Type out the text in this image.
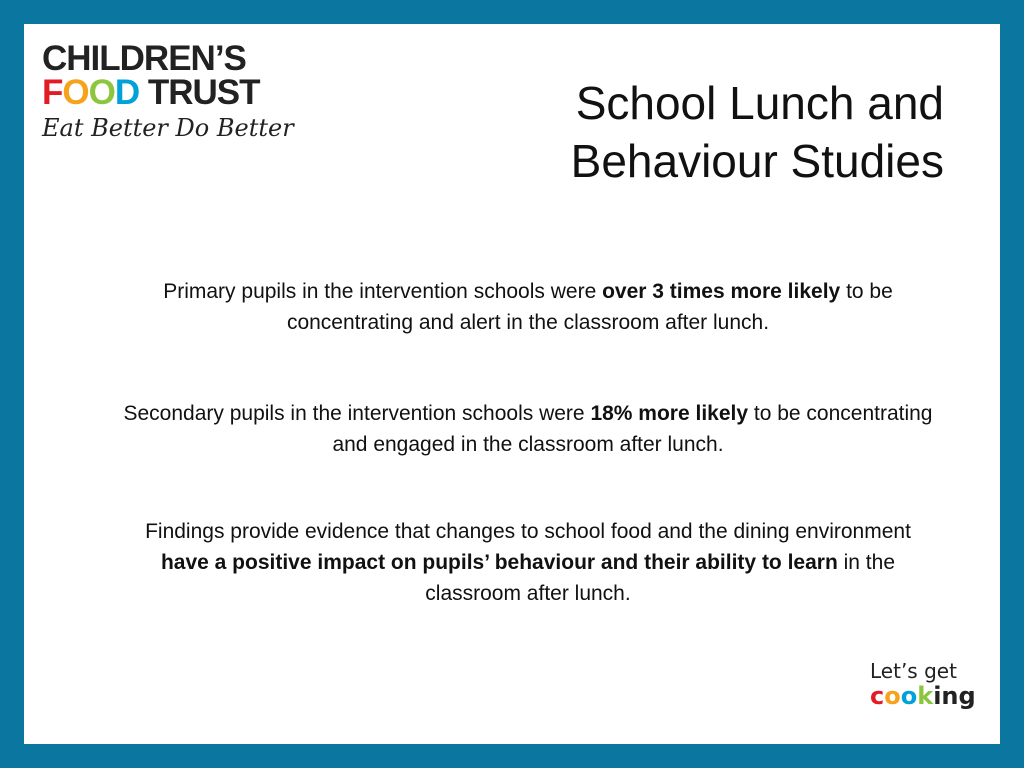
CHILDREN’S
FOOD TRUST
Eat Better Do Better	School Lunch and
Behaviour Studies

Primary pupils in the intervention schools were over 3 times more likely to be concentrating and alert in the classroom after lunch.

Secondary pupils in the intervention schools were 18% more likely to be concentrating and engaged in the classroom after lunch.

Findings provide evidence that changes to school food and the dining environment have a positive impact on pupils’ behaviour and their ability to learn in the classroom after lunch.

Let’s get
cooking
